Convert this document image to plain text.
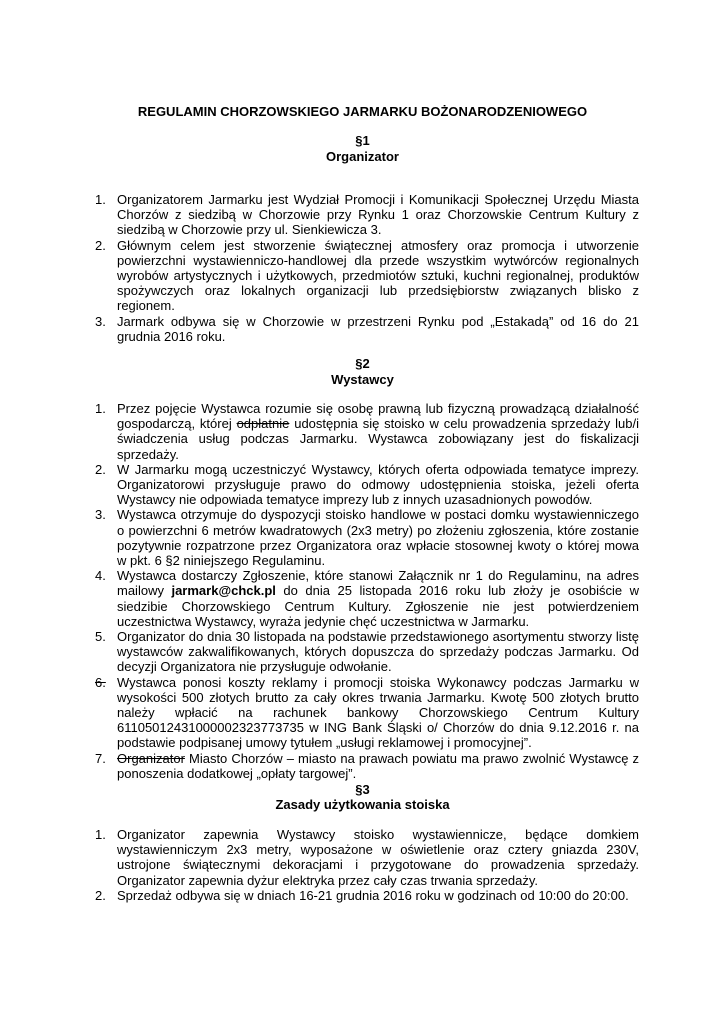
REGULAMIN CHORZOWSKIEGO JARMARKU BOŻONARODZENIOWEGO
§1
Organizator
1. Organizatorem Jarmarku jest Wydział Promocji i Komunikacji Społecznej Urzędu Miasta Chorzów z siedzibą w Chorzowie przy Rynku 1 oraz Chorzowskie Centrum Kultury z siedzibą w Chorzowie przy ul. Sienkiewicza 3.

2. Głównym celem jest stworzenie świątecznej atmosfery oraz promocja i utworzenie powierzchni wystawienniczo-handlowej dla przede wszystkim wytwórców regionalnych wyrobów artystycznych i użytkowych, przedmiotów sztuki, kuchni regionalnej, produktów spożywczych oraz lokalnych organizacji lub przedsiębiorstw związanych blisko z regionem.

3. Jarmark odbywa się w Chorzowie w przestrzeni Rynku pod „Estakadą” od 16 do 21 grudnia 2016 roku.

§2
Wystawcy
1. Przez pojęcie Wystawca rozumie się osobę prawną lub fizyczną prowadzącą działalność gospodarczą, której odpłatnie udostępnia się stoisko w celu prowadzenia sprzedaży lub/i świadczenia usług podczas Jarmarku. Wystawca zobowiązany jest do fiskalizacji sprzedaży.

2. W Jarmarku mogą uczestniczyć Wystawcy, których oferta odpowiada tematyce imprezy. Organizatorowi przysługuje prawo do odmowy udostępnienia stoiska, jeżeli oferta Wystawcy nie odpowiada tematyce imprezy lub z innych uzasadnionych powodów.

3. Wystawca otrzymuje do dyspozycji stoisko handlowe w postaci domku wystawienniczego o powierzchni 6 metrów kwadratowych (2x3 metry) po złożeniu zgłoszenia, które zostanie pozytywnie rozpatrzone przez Organizatora oraz wpłacie stosownej kwoty o której mowa w pkt. 6 §2 niniejszego Regulaminu.

4. Wystawca dostarczy Zgłoszenie, które stanowi Załącznik nr 1 do Regulaminu, na adres mailowy jarmark@chck.pl do dnia 25 listopada 2016 roku lub złoży je osobiście w siedzibie Chorzowskiego Centrum Kultury. Zgłoszenie nie jest potwierdzeniem uczestnictwa Wystawcy, wyraża jedynie chęć uczestnictwa w Jarmarku.

5. Organizator do dnia 30 listopada na podstawie przedstawionego asortymentu stworzy listę wystawców zakwalifikowanych, których dopuszcza do sprzedaży podczas Jarmarku. Od decyzji Organizatora nie przysługuje odwołanie.

6. Wystawca ponosi koszty reklamy i promocji stoiska Wykonawcy podczas Jarmarku w wysokości 500 złotych brutto za cały okres trwania Jarmarku. Kwotę 500 złotych brutto należy wpłacić na rachunek bankowy Chorzowskiego Centrum Kultury 61105012431000002323773735 w ING Bank Śląski o/ Chorzów do dnia 9.12.2016 r. na podstawie podpisanej umowy tytułem „usługi reklamowej i promocyjnej”.

7. Organizator Miasto Chorzów – miasto na prawach powiatu ma prawo zwolnić Wystawcę z ponoszenia dodatkowej „opłaty targowej”.

§3
Zasady użytkowania stoiska
1. Organizator zapewnia Wystawcy stoisko wystawiennicze, będące domkiem wystawienniczym 2x3 metry, wyposażone w oświetlenie oraz cztery gniazda 230V, ustrojone świątecznymi dekoracjami i przygotowane do prowadzenia sprzedaży. Organizator zapewnia dyżur elektryka przez cały czas trwania sprzedaży.

2. Sprzedaż odbywa się w dniach 16-21 grudnia 2016 roku w godzinach od 10:00 do 20:00.
